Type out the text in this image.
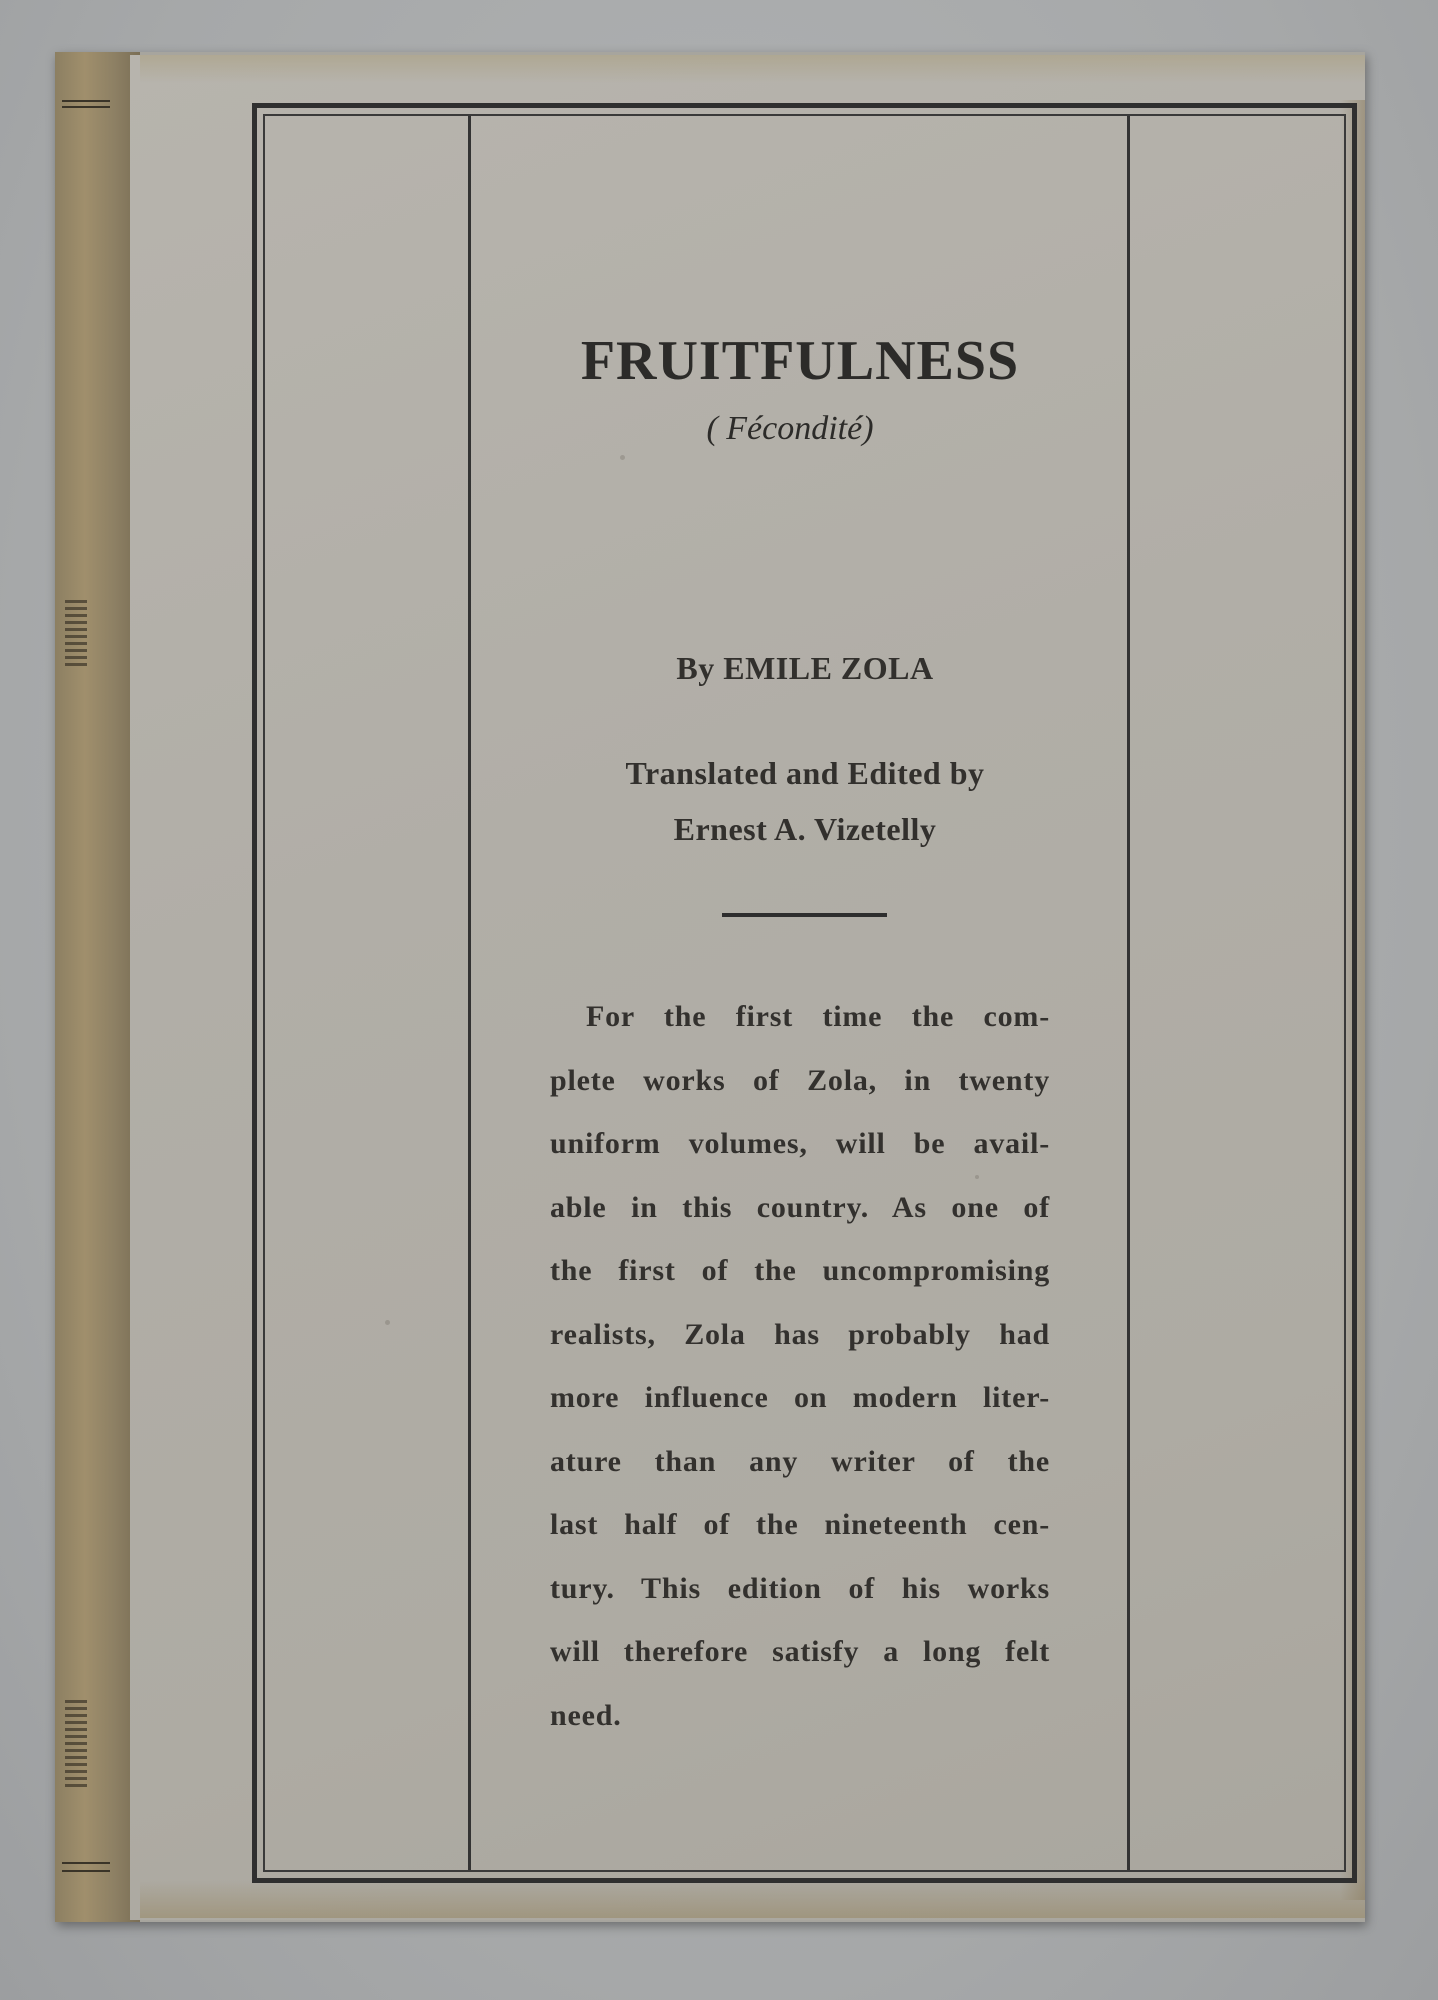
FRUITFULNESS
( Fécondité)
By EMILE ZOLA
Translated and Edited by
Ernest A. Vizetelly
For the first time the com-
plete works of Zola, in twenty
uniform volumes, will be avail-
able in this country. As one of
the first of the uncompromising
realists, Zola has probably had
more influence on modern liter-
ature than any writer of the
last half of the nineteenth cen-
tury. This edition of his works
will therefore satisfy a long felt
need.
